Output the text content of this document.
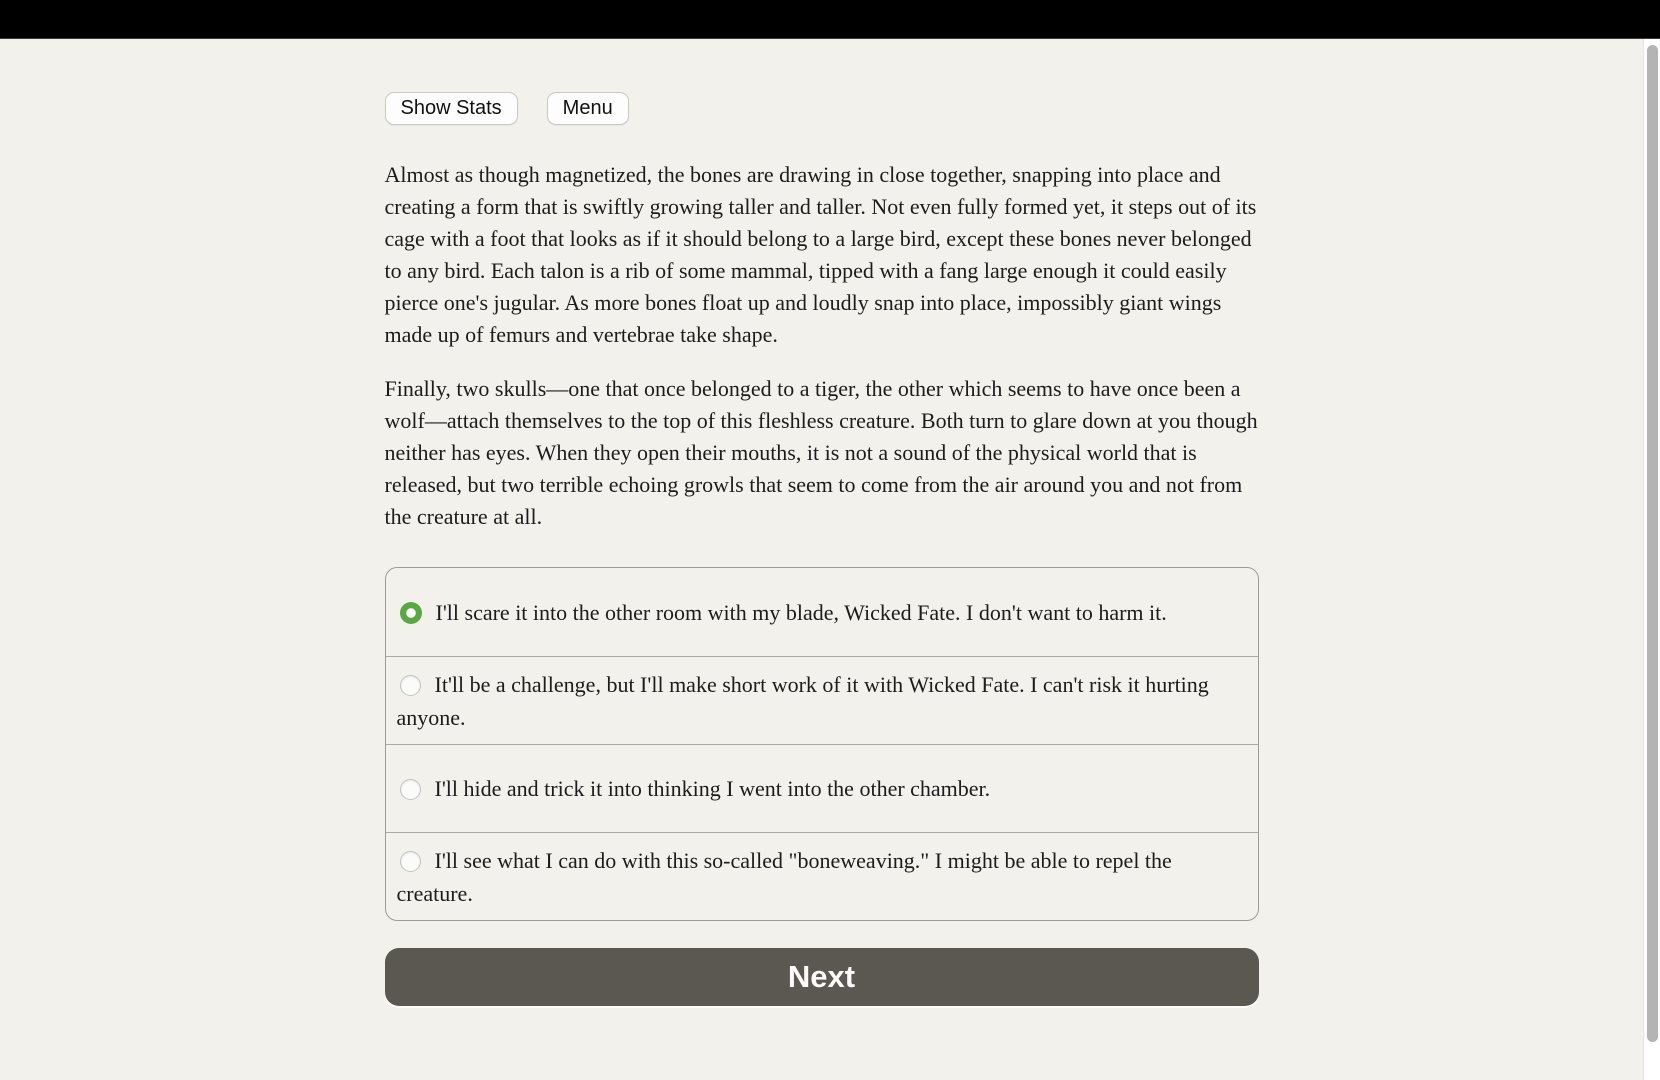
Show Stats	Menu

Almost as though magnetized, the bones are drawing in close together, snapping into place and creating a form that is swiftly growing taller and taller. Not even fully formed yet, it steps out of its cage with a foot that looks as if it should belong to a large bird, except these bones never belonged to any bird. Each talon is a rib of some mammal, tipped with a fang large enough it could easily pierce one's jugular. As more bones float up and loudly snap into place, impossibly giant wings made up of femurs and vertebrae take shape.

Finally, two skulls—one that once belonged to a tiger, the other which seems to have once been a wolf—attach themselves to the top of this fleshless creature. Both turn to glare down at you though neither has eyes. When they open their mouths, it is not a sound of the physical world that is released, but two terrible echoing growls that seem to come from the air around you and not from the creature at all.

I'll scare it into the other room with my blade, Wicked Fate. I don't want to harm it.
It'll be a challenge, but I'll make short work of it with Wicked Fate. I can't risk it hurting anyone.
I'll hide and trick it into thinking I went into the other chamber.
I'll see what I can do with this so-called "boneweaving." I might be able to repel the creature.
Next
